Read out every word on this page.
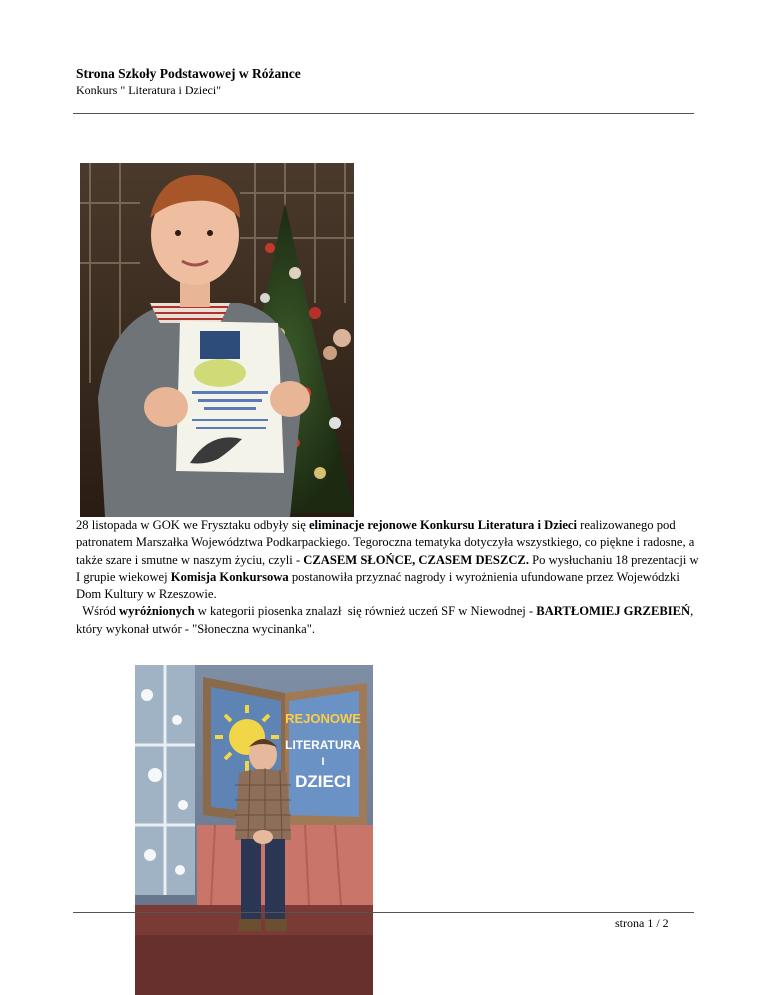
Strona Szkoły Podstawowej w Różance
Konkurs " Literatura i Dzieci"

28 listopada w GOK we Frysztaku odbyły się eliminacje rejonowe Konkursu Literatura i Dzieci realizowanego pod patronatem Marszałka Województwa Podkarpackiego. Tegoroczna tematyka dotyczyła wszystkiego, co piękne i radosne, a także szare i smutne w naszym życiu, czyli - CZASEM SŁOŃCE, CZASEM DESZCZ. Po wysłuchaniu 18 prezentacji w I grupie wiekowej Komisja Konkursowa postanowiła przyznać nagrody i wyrożnienia ufundowane przez Wojewódzki Dom Kultury w Rzeszowie.

Wśród wyróżnionych w kategorii piosenka znalazł  się również uczeń SF w Niewodnej - BARTŁOMIEJ GRZEBIEŃ, który wykonał utwór - "Słoneczna wycinanka".

REJONOWE
LITERATURA
I
DZIECI
strona 1 / 2
